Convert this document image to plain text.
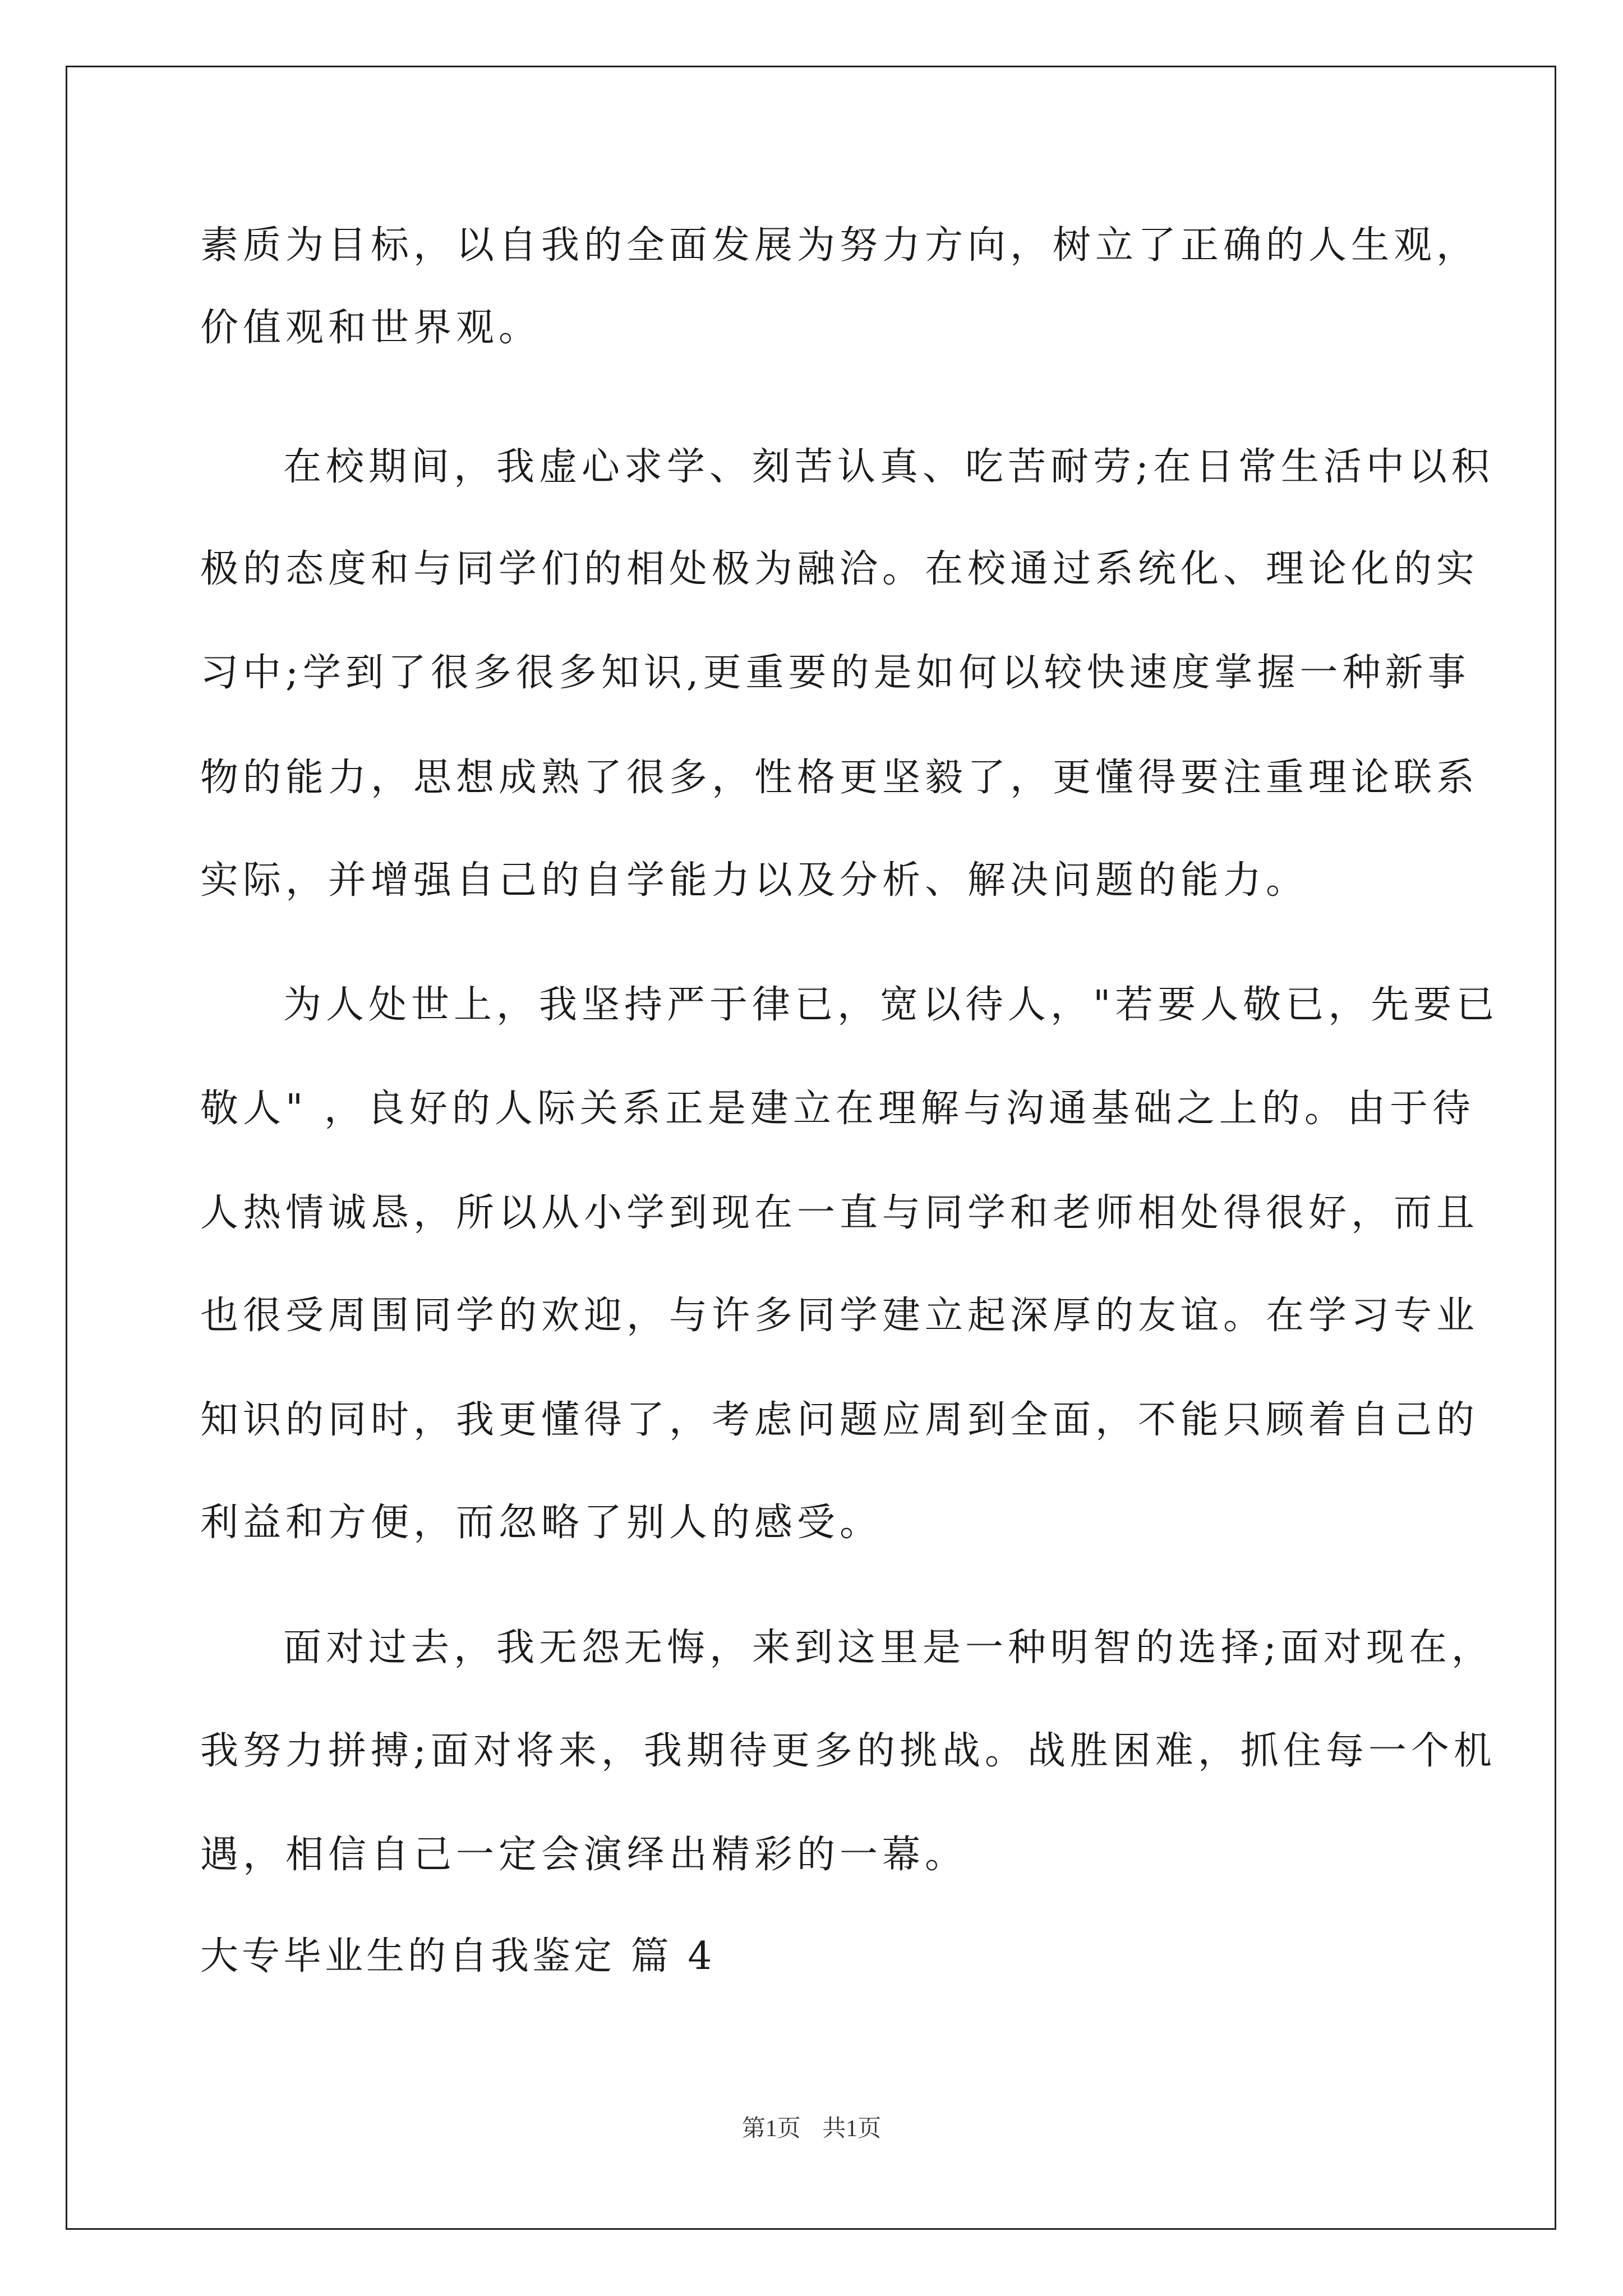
素质为目标，以自我的全面发展为努力方向，树立了正确的人生观，
价值观和世界观。
在校期间，我虚心求学、刻苦认真、吃苦耐劳;在日常生活中以积
极的态度和与同学们的相处极为融洽。在校通过系统化、理论化的实
习中;学到了很多很多知识,更重要的是如何以较快速度掌握一种新事
物的能力，思想成熟了很多，性格更坚毅了，更懂得要注重理论联系
实际，并增强自己的自学能力以及分析、解决问题的能力。
为人处世上，我坚持严于律已，宽以待人，"若要人敬已，先要已
敬人" ，良好的人际关系正是建立在理解与沟通基础之上的。由于待
人热情诚恳，所以从小学到现在一直与同学和老师相处得很好，而且
也很受周围同学的欢迎，与许多同学建立起深厚的友谊。在学习专业
知识的同时，我更懂得了，考虑问题应周到全面，不能只顾着自己的
利益和方便，而忽略了别人的感受。
面对过去，我无怨无悔，来到这里是一种明智的选择;面对现在，
我努力拼搏;面对将来，我期待更多的挑战。战胜困难，抓住每一个机
遇，相信自己一定会演绎出精彩的一幕。
大专毕业生的自我鉴定 篇 4
第1页 共1页
